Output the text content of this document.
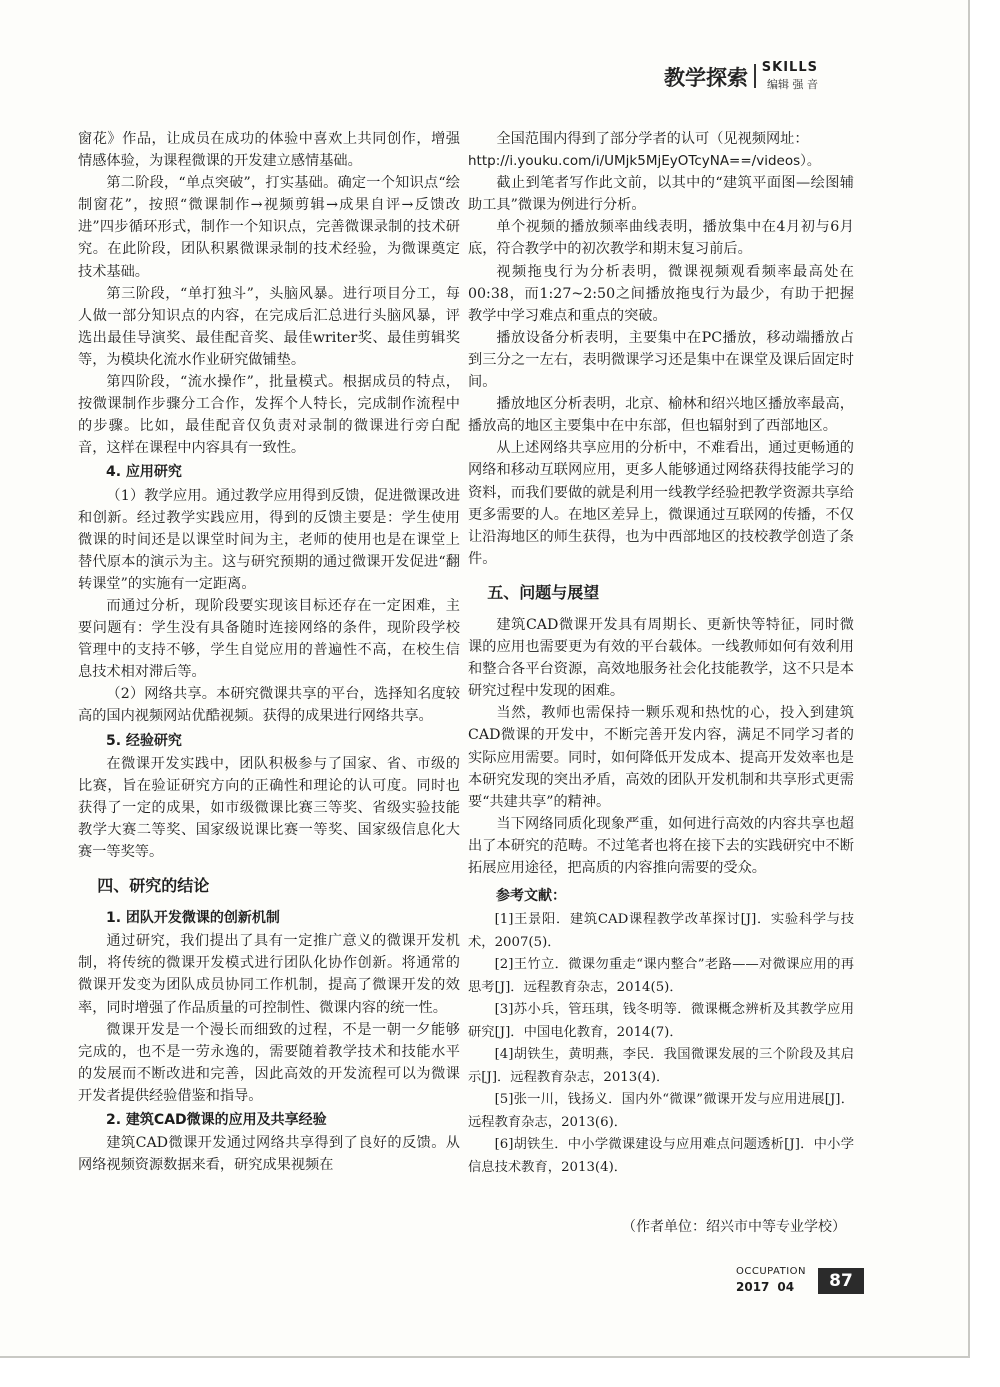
教学探索 SKILLS
编辑 强 音

窗花》作品，让成员在成功的体验中喜欢上共同创作，增强情感体验，为课程微课的开发建立感情基础。

第二阶段，“单点突破”，打实基础。确定一个知识点“绘制窗花”，按照“微课制作→视频剪辑→成果自评→反馈改进”四步循环形式，制作一个知识点，完善微课录制的技术研究。在此阶段，团队积累微课录制的技术经验，为微课奠定技术基础。

第三阶段，“单打独斗”，头脑风暴。进行项目分工，每人做一部分知识点的内容，在完成后汇总进行头脑风暴，评选出最佳导演奖、最佳配音奖、最佳writer奖、最佳剪辑奖等，为模块化流水作业研究做铺垫。

第四阶段，“流水操作”，批量模式。根据成员的特点，按微课制作步骤分工合作，发挥个人特长，完成制作流程中的步骤。比如，最佳配音仅负责对录制的微课进行旁白配音，这样在课程中内容具有一致性。

4. 应用研究

（1）教学应用。通过教学应用得到反馈，促进微课改进和创新。经过教学实践应用，得到的反馈主要是：学生使用微课的时间还是以课堂时间为主，老师的使用也是在课堂上替代原本的演示为主。这与研究预期的通过微课开发促进“翻转课堂”的实施有一定距离。

而通过分析，现阶段要实现该目标还存在一定困难，主要问题有：学生没有具备随时连接网络的条件，现阶段学校管理中的支持不够，学生自觉应用的普遍性不高，在校生信息技术相对滞后等。

（2）网络共享。本研究微课共享的平台，选择知名度较高的国内视频网站优酷视频。获得的成果进行网络共享。

5. 经验研究

在微课开发实践中，团队积极参与了国家、省、市级的比赛，旨在验证研究方向的正确性和理论的认可度。同时也获得了一定的成果，如市级微课比赛三等奖、省级实验技能教学大赛二等奖、国家级说课比赛一等奖、国家级信息化大赛一等奖等。

四、研究的结论
1. 团队开发微课的创新机制

通过研究，我们提出了具有一定推广意义的微课开发机制，将传统的微课开发模式进行团队化协作创新。将通常的微课开发变为团队成员协同工作机制，提高了微课开发的效率，同时增强了作品质量的可控制性、微课内容的统一性。

微课开发是一个漫长而细致的过程，不是一朝一夕能够完成的，也不是一劳永逸的，需要随着教学技术和技能水平的发展而不断改进和完善，因此高效的开发流程可以为微课开发者提供经验借鉴和指导。

2. 建筑CAD微课的应用及共享经验

建筑CAD微课开发通过网络共享得到了良好的反馈。从网络视频资源数据来看，研究成果视频在

全国范围内得到了部分学者的认可（见视频网址：

http://i.youku.com/i/UMjk5MjEyOTcyNA==/videos）。

截止到笔者写作此文前，以其中的“建筑平面图—绘图辅助工具”微课为例进行分析。

单个视频的播放频率曲线表明，播放集中在4月初与6月底，符合教学中的初次教学和期末复习前后。

视频拖曳行为分析表明，微课视频观看频率最高处在00:38，而1:27~2:50之间播放拖曳行为最少，有助于把握教学中学习难点和重点的突破。

播放设备分析表明，主要集中在PC播放，移动端播放占到三分之一左右，表明微课学习还是集中在课堂及课后固定时间。

播放地区分析表明，北京、榆林和绍兴地区播放率最高，播放高的地区主要集中在中东部，但也辐射到了西部地区。

从上述网络共享应用的分析中，不难看出，通过更畅通的网络和移动互联网应用，更多人能够通过网络获得技能学习的资料，而我们要做的就是利用一线教学经验把教学资源共享给更多需要的人。在地区差异上，微课通过互联网的传播，不仅让沿海地区的师生获得，也为中西部地区的技校教学创造了条件。

五、问题与展望

建筑CAD微课开发具有周期长、更新快等特征，同时微课的应用也需要更为有效的平台载体。一线教师如何有效利用和整合各平台资源，高效地服务社会化技能教学，这不只是本研究过程中发现的困难。

当然，教师也需保持一颗乐观和热忱的心，投入到建筑CAD微课的开发中，不断完善开发内容，满足不同学习者的实际应用需要。同时，如何降低开发成本、提高开发效率也是本研究发现的突出矛盾，高效的团队开发机制和共享形式更需要“共建共享”的精神。

当下网络同质化现象严重，如何进行高效的内容共享也超出了本研究的范畴。不过笔者也将在接下去的实践研究中不断拓展应用途径，把高质的内容推向需要的受众。

参考文献：

[1]王景阳．建筑CAD课程教学改革探讨[J]．实验科学与技术，2007(5)．

[2]王竹立．微课勿重走“课内整合”老路——对微课应用的再思考[J]．远程教育杂志，2014(5)．

[3]苏小兵，管珏琪，钱冬明等．微课概念辨析及其教学应用研究[J]．中国电化教育，2014(7)．

[4]胡铁生，黄明燕，李民．我国微课发展的三个阶段及其启示[J]．远程教育杂志，2013(4)．

[5]张一川，钱扬义．国内外“微课”微课开发与应用进展[J]．远程教育杂志，2013(6)．

[6]胡铁生．中小学微课建设与应用难点问题透析[J]．中小学信息技术教育，2013(4)．

（作者单位：绍兴市中等专业学校）
OCCUPATION
2017 04	87
